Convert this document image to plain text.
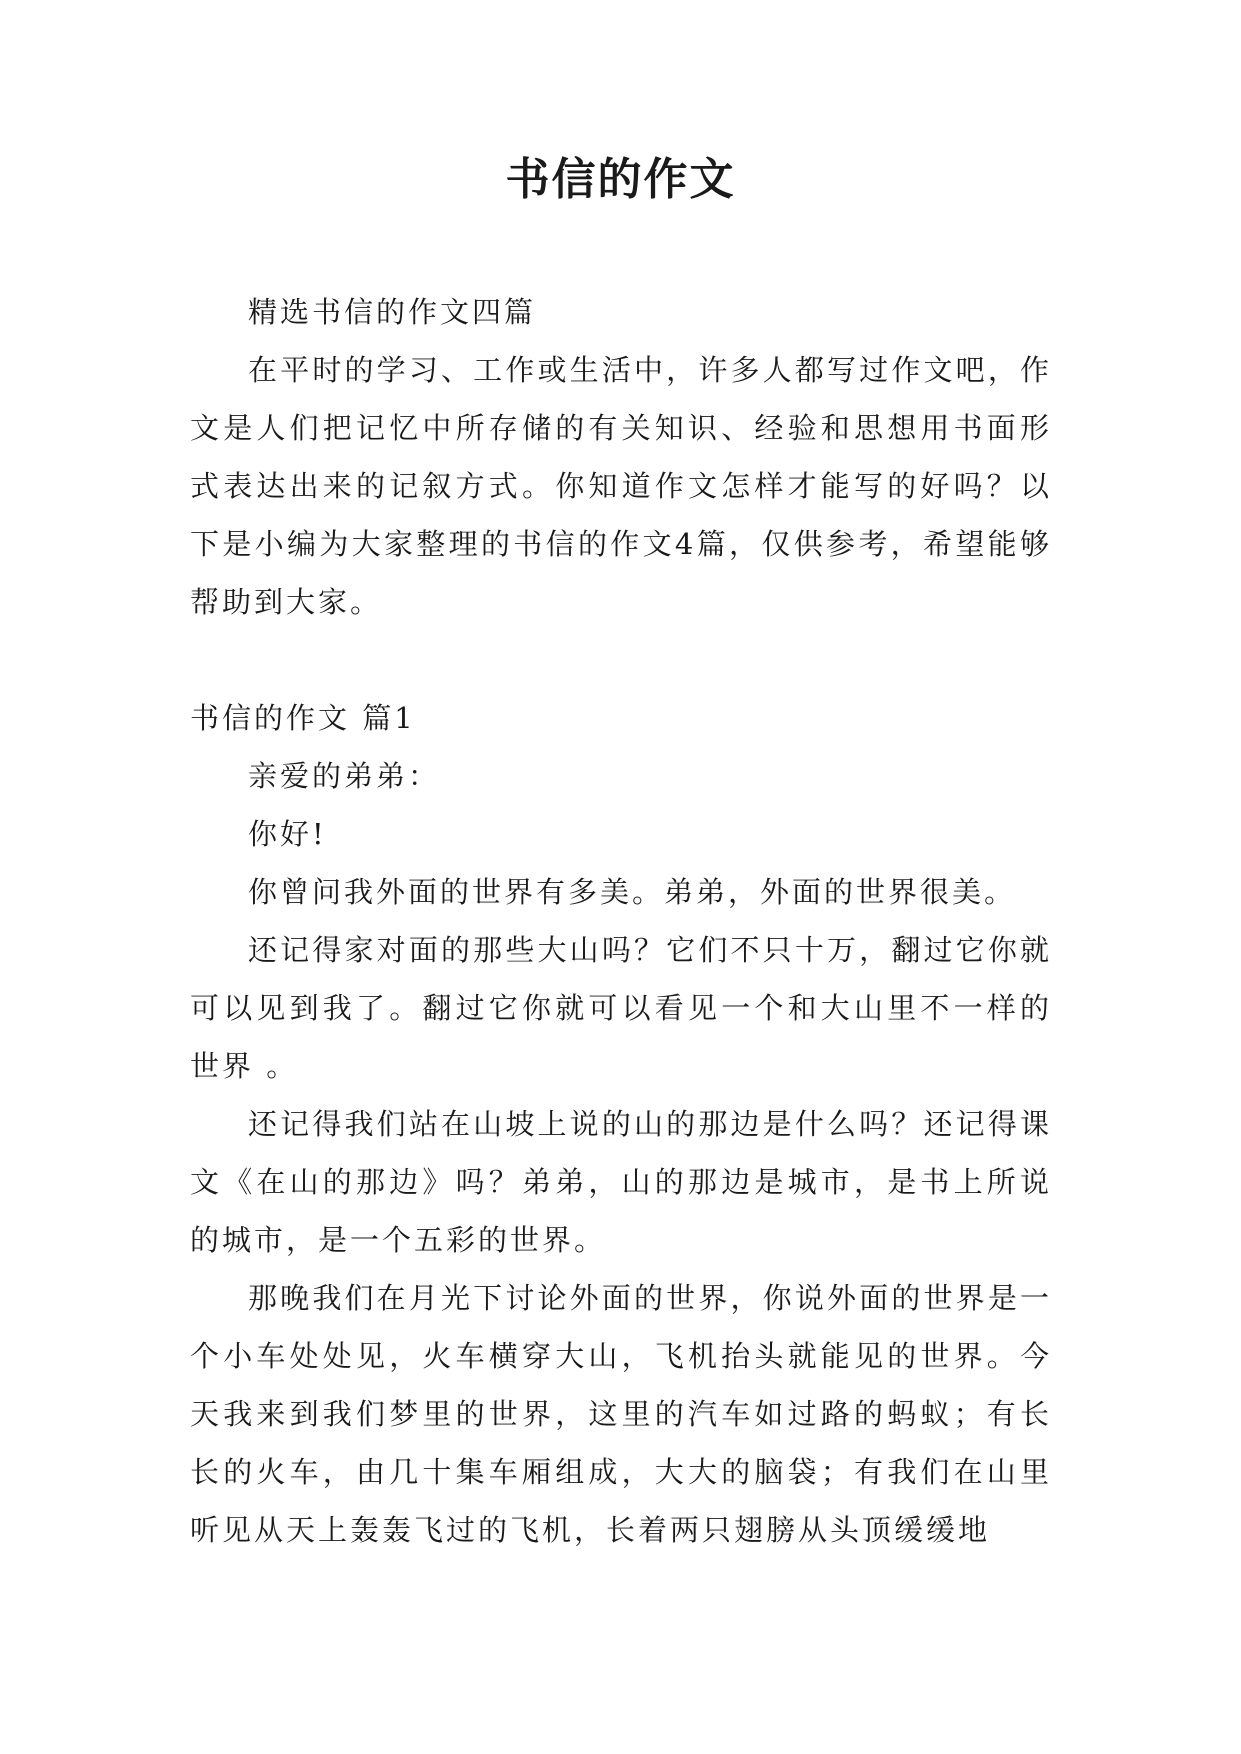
书信的作文

精选书信的作文四篇

在平时的学习、工作或生活中，许多人都写过作文吧，作文是人们把记忆中所存储的有关知识、经验和思想用书面形式表达出来的记叙方式。你知道作文怎样才能写的好吗？以下是小编为大家整理的书信的作文4篇，仅供参考，希望能够帮助到大家。

书信的作文 篇1

亲爱的弟弟：

你好!

你曾问我外面的世界有多美。弟弟，外面的世界很美。

还记得家对面的那些大山吗？它们不只十万，翻过它你就可以见到我了。翻过它你就可以看见一个和大山里不一样的世界 。

还记得我们站在山坡上说的山的那边是什么吗？还记得课文《在山的那边》吗？弟弟，山的那边是城市，是书上所说的城市，是一个五彩的世界。

那晚我们在月光下讨论外面的世界，你说外面的世界是一个小车处处见，火车横穿大山，飞机抬头就能见的世界。今天我来到我们梦里的世界，这里的汽车如过路的蚂蚁；有长长的火车，由几十集车厢组成，大大的脑袋；有我们在山里听见从天上轰轰飞过的飞机，长着两只翅膀从头顶缓缓地
